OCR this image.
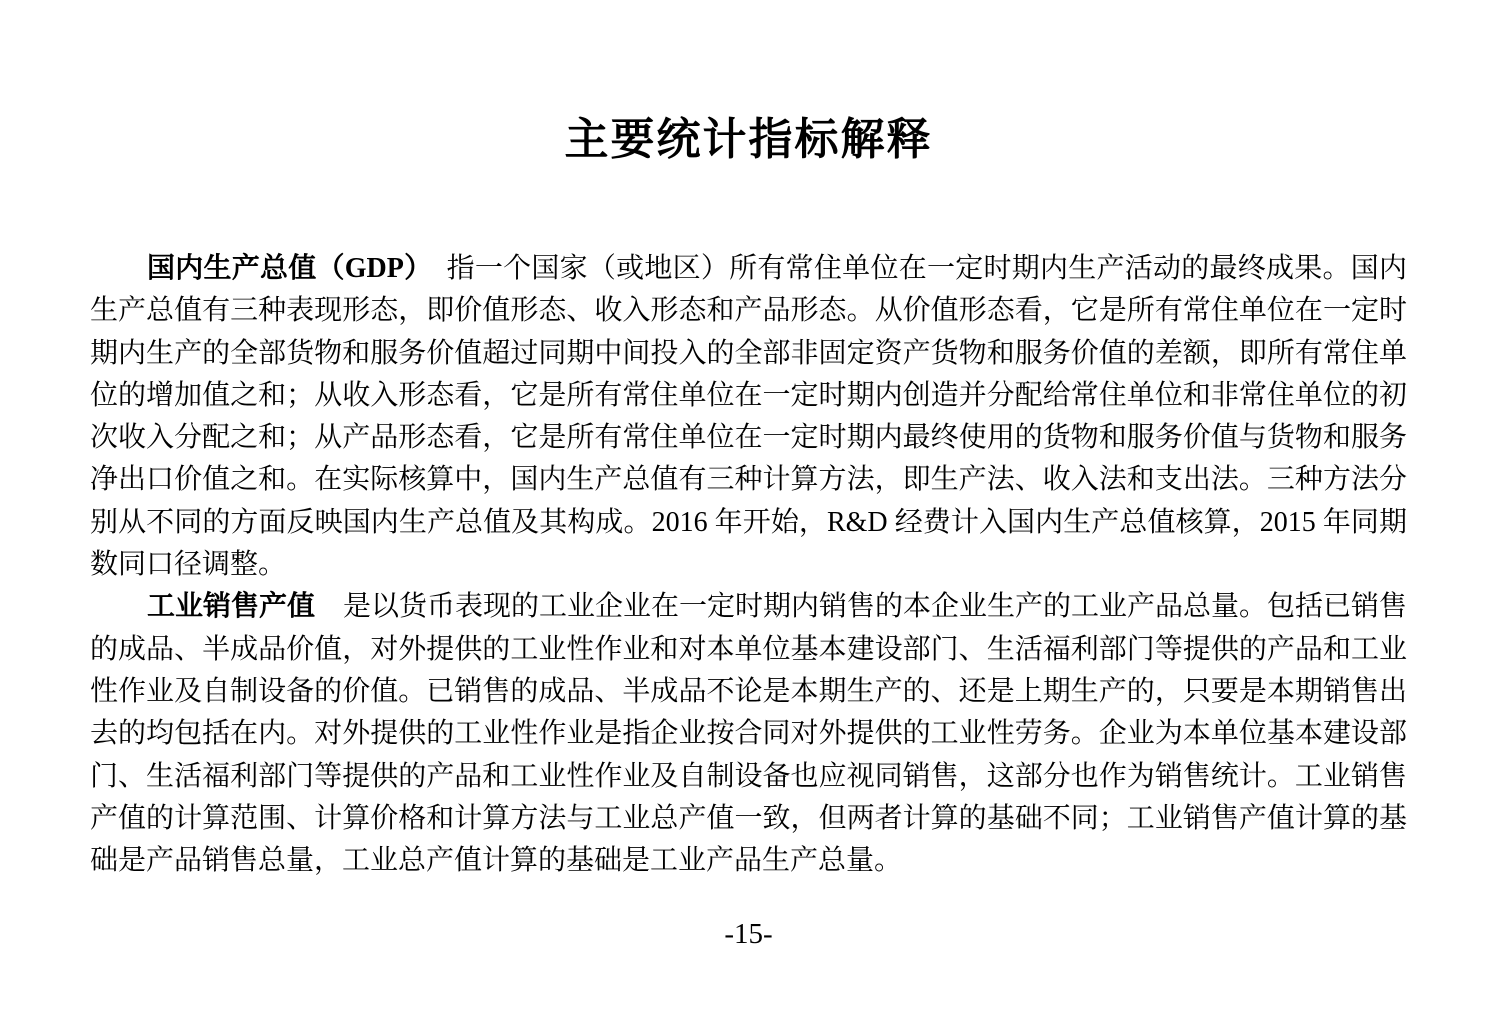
主要统计指标解释
国内生产总值（GDP）　指一个国家（或地区）所有常住单位在一定时期内生产活动的最终成果。国内
生产总值有三种表现形态，即价值形态、收入形态和产品形态。从价值形态看，它是所有常住单位在一定时
期内生产的全部货物和服务价值超过同期中间投入的全部非固定资产货物和服务价值的差额，即所有常住单
位的增加值之和；从收入形态看，它是所有常住单位在一定时期内创造并分配给常住单位和非常住单位的初
次收入分配之和；从产品形态看，它是所有常住单位在一定时期内最终使用的货物和服务价值与货物和服务
净出口价值之和。在实际核算中，国内生产总值有三种计算方法，即生产法、收入法和支出法。三种方法分
别从不同的方面反映国内生产总值及其构成。2016 年开始，R&D 经费计入国内生产总值核算，2015 年同期
数同口径调整。
工业销售产值　是以货币表现的工业企业在一定时期内销售的本企业生产的工业产品总量。包括已销售
的成品、半成品价值，对外提供的工业性作业和对本单位基本建设部门、生活福利部门等提供的产品和工业
性作业及自制设备的价值。已销售的成品、半成品不论是本期生产的、还是上期生产的，只要是本期销售出
去的均包括在内。对外提供的工业性作业是指企业按合同对外提供的工业性劳务。企业为本单位基本建设部
门、生活福利部门等提供的产品和工业性作业及自制设备也应视同销售，这部分也作为销售统计。工业销售
产值的计算范围、计算价格和计算方法与工业总产值一致，但两者计算的基础不同；工业销售产值计算的基
础是产品销售总量，工业总产值计算的基础是工业产品生产总量。
-15-
